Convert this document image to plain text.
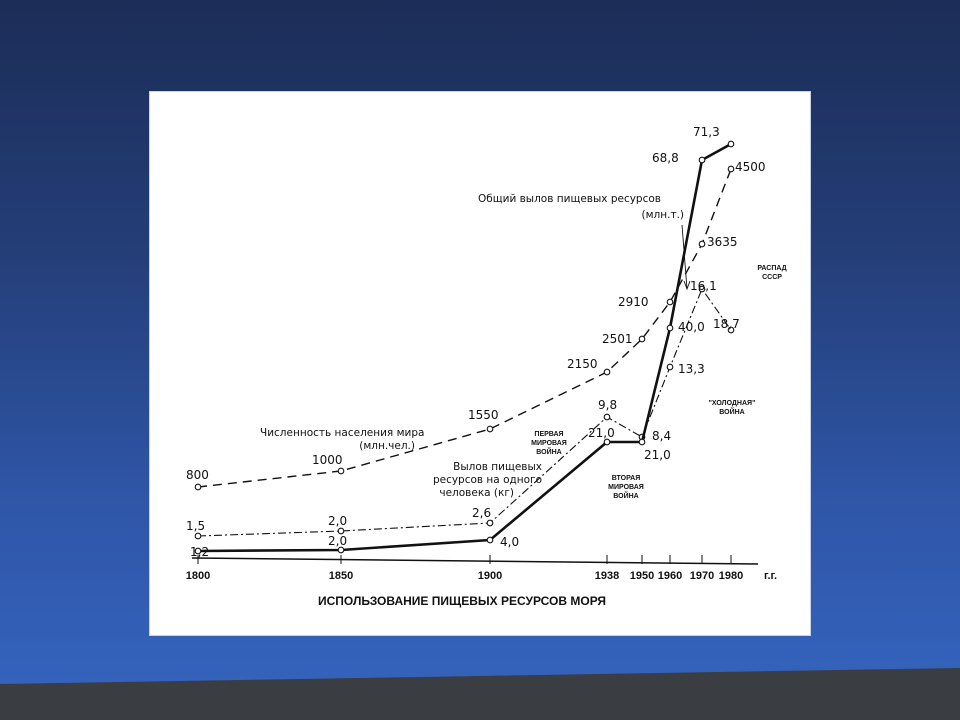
1800	1850	1900	1938 1950 1960 1970 1980 г.г.
1,2
2,0	4,0
21,0
21,0
40,0
68,8
71,3
800
1000
1550
2150
2501
2910
3635
4500
1,5	2,0
2,6
9,8
8,4
13,3
18,7
16,1
Общий вылов пищевых ресурсов
(млн.т.)
Численность населения мира
(млн.чел.)
Вылов пищевых
ресурсов на одного
человека (кг)
ПЕРВАЯ
МИРОВАЯ
ВОЙНА
ВТОРАЯ
МИРОВАЯ
ВОЙНА
"ХОЛОДНАЯ"
ВОЙНА
РАСПАД
СССР
ИСПОЛЬЗОВАНИЕ ПИЩЕВЫХ РЕСУРСОВ МОРЯ
